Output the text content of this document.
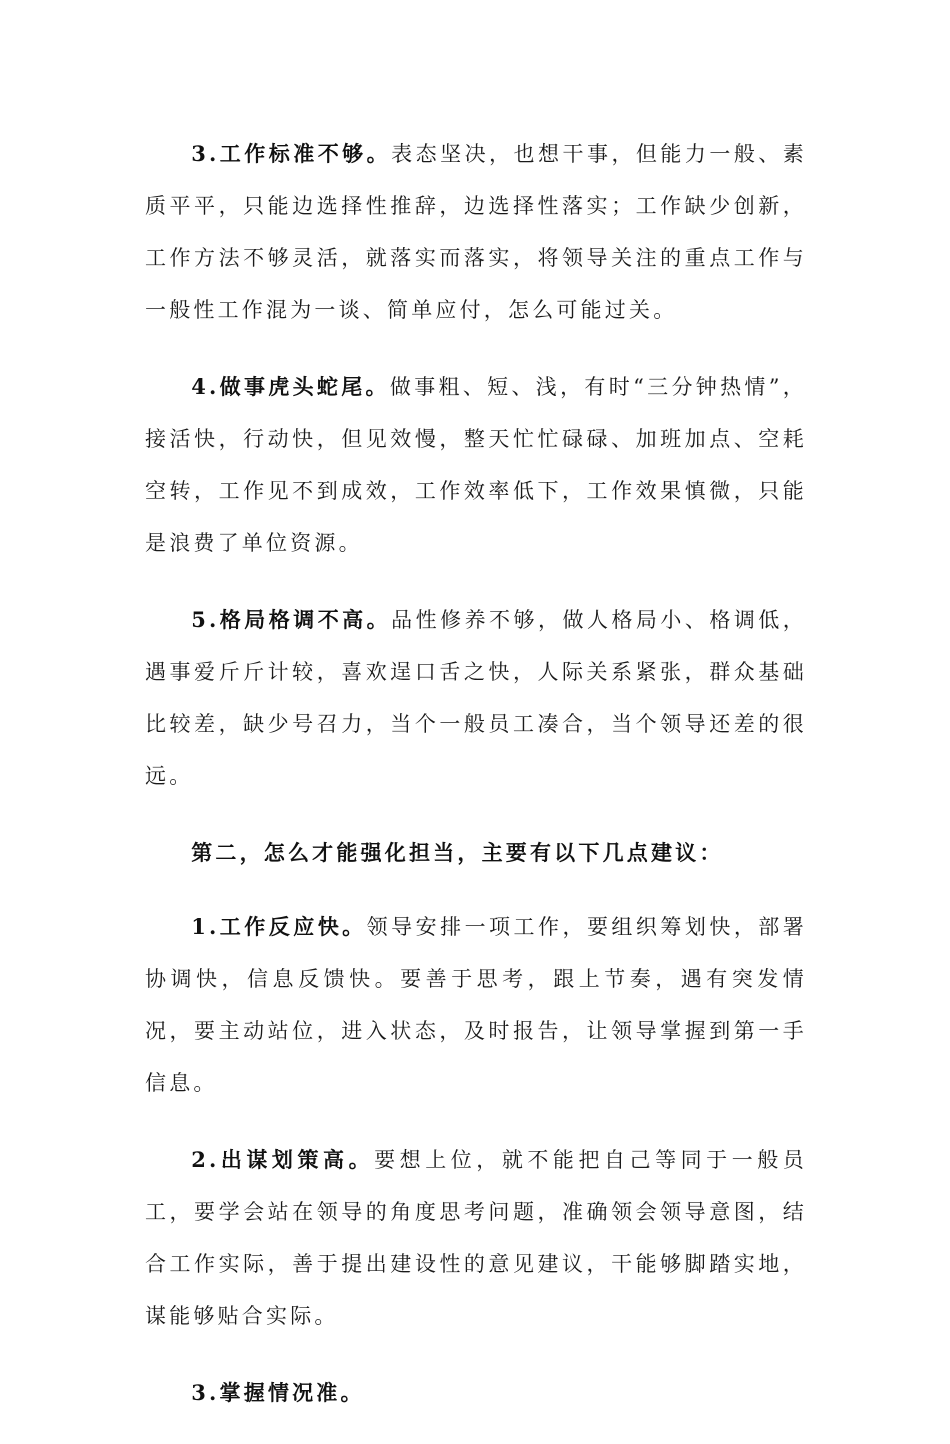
3.工作标准不够。表态坚决，也想干事，但能力一般、素质平平，只能边选择性推辞，边选择性落实；工作缺少创新，工作方法不够灵活，就落实而落实，将领导关注的重点工作与一般性工作混为一谈、简单应付，怎么可能过关。

4.做事虎头蛇尾。做事粗、短、浅，有时“三分钟热情”，接活快，行动快，但见效慢，整天忙忙碌碌、加班加点、空耗空转，工作见不到成效，工作效率低下，工作效果慎微，只能是浪费了单位资源。

5.格局格调不高。品性修养不够，做人格局小、格调低，遇事爱斤斤计较，喜欢逞口舌之快，人际关系紧张，群众基础比较差，缺少号召力，当个一般员工凑合，当个领导还差的很远。

第二，怎么才能强化担当，主要有以下几点建议：

1.工作反应快。领导安排一项工作，要组织筹划快，部署协调快，信息反馈快。要善于思考，跟上节奏，遇有突发情况，要主动站位，进入状态，及时报告，让领导掌握到第一手信息。

2.出谋划策高。要想上位，就不能把自己等同于一般员工，要学会站在领导的角度思考问题，准确领会领导意图，结合工作实际，善于提出建设性的意见建议，干能够脚踏实地，谋能够贴合实际。

3.掌握情况准。
